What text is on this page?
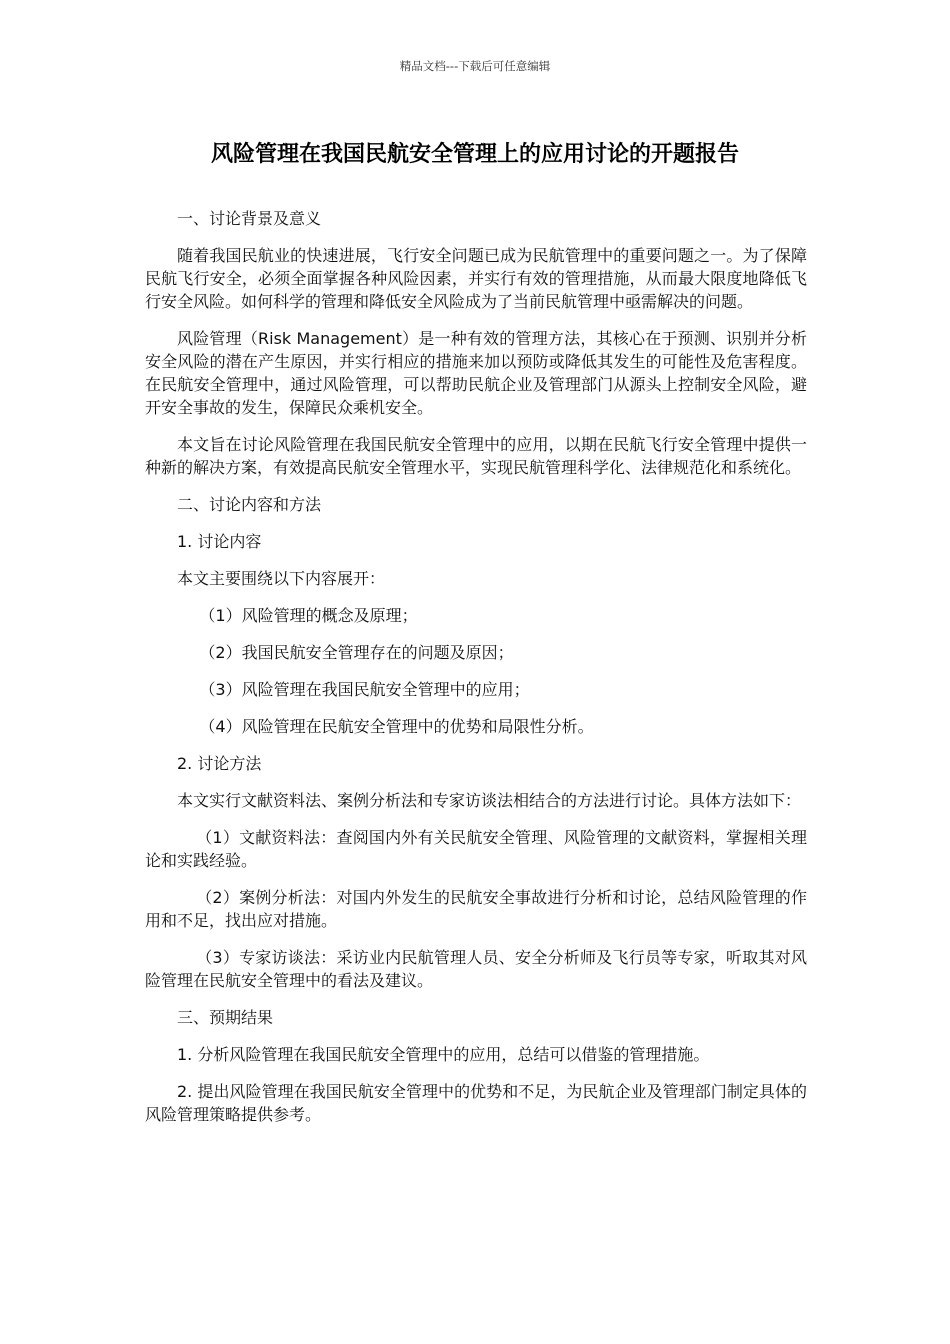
精品文档---下载后可任意编辑
风险管理在我国民航安全管理上的应用讨论的开题报告

一、讨论背景及意义

随着我国民航业的快速进展，飞行安全问题已成为民航管理中的重要问题之一。为了保障民航飞行安全，必须全面掌握各种风险因素，并实行有效的管理措施，从而最大限度地降低飞行安全风险。如何科学的管理和降低安全风险成为了当前民航管理中亟需解决的问题。

风险管理（Risk Management）是一种有效的管理方法，其核心在于预测、识别并分析安全风险的潜在产生原因，并实行相应的措施来加以预防或降低其发生的可能性及危害程度。在民航安全管理中，通过风险管理，可以帮助民航企业及管理部门从源头上控制安全风险，避开安全事故的发生，保障民众乘机安全。

本文旨在讨论风险管理在我国民航安全管理中的应用，以期在民航飞行安全管理中提供一种新的解决方案，有效提高民航安全管理水平，实现民航管理科学化、法律规范化和系统化。

二、讨论内容和方法

1. 讨论内容

本文主要围绕以下内容展开：

（1）风险管理的概念及原理；

（2）我国民航安全管理存在的问题及原因；

（3）风险管理在我国民航安全管理中的应用；

（4）风险管理在民航安全管理中的优势和局限性分析。

2. 讨论方法

本文实行文献资料法、案例分析法和专家访谈法相结合的方法进行讨论。具体方法如下：

（1）文献资料法：查阅国内外有关民航安全管理、风险管理的文献资料，掌握相关理论和实践经验。

（2）案例分析法：对国内外发生的民航安全事故进行分析和讨论，总结风险管理的作用和不足，找出应对措施。

（3）专家访谈法：采访业内民航管理人员、安全分析师及飞行员等专家，听取其对风险管理在民航安全管理中的看法及建议。

三、预期结果

1. 分析风险管理在我国民航安全管理中的应用，总结可以借鉴的管理措施。

2. 提出风险管理在我国民航安全管理中的优势和不足，为民航企业及管理部门制定具体的风险管理策略提供参考。
